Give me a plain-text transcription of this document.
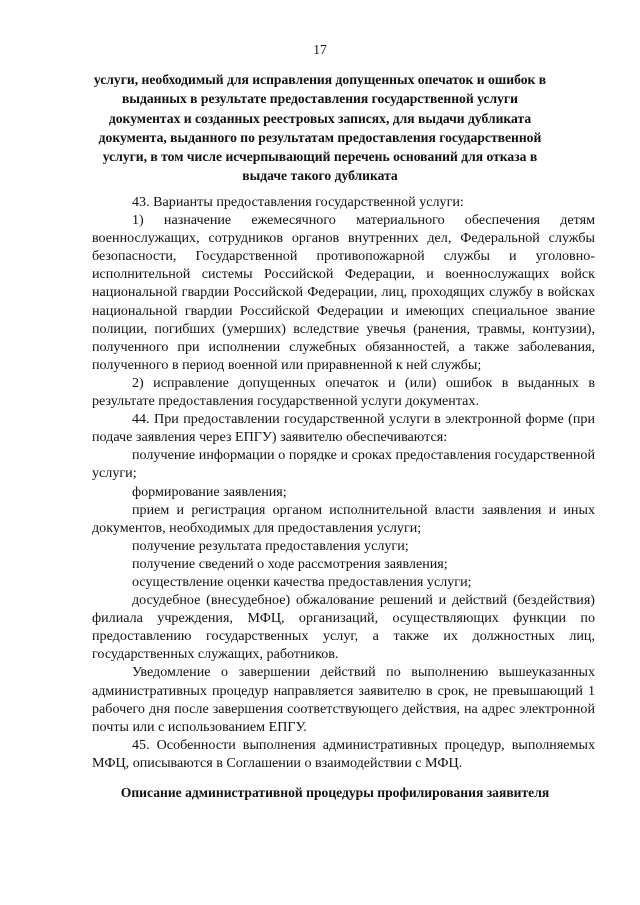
17
услуги, необходимый для исправления допущенных опечаток и ошибок в выданных в результате предоставления государственной услуги документах и созданных реестровых записях, для выдачи дубликата документа, выданного по результатам предоставления государственной услуги, в том числе исчерпывающий перечень оснований для отказа в выдаче такого дубликата

43. Варианты предоставления государственной услуги:

1) назначение ежемесячного материального обеспечения детям военнослужащих, сотрудников органов внутренних дел, Федеральной службы безопасности, Государственной противопожарной службы и уголовно-исполнительной системы Российской Федерации, и военнослужащих войск национальной гвардии Российской Федерации, лиц, проходящих службу в войсках национальной гвардии Российской Федерации и имеющих специальное звание полиции, погибших (умерших) вследствие увечья (ранения, травмы, контузии), полученного при исполнении служебных обязанностей, а также заболевания, полученного в период военной или приравненной к ней службы;

2) исправление допущенных опечаток и (или) ошибок в выданных в результате предоставления государственной услуги документах.

44. При предоставлении государственной услуги в электронной форме (при подаче заявления через ЕПГУ) заявителю обеспечиваются:

получение информации о порядке и сроках предоставления государственной услуги;

формирование заявления;

прием и регистрация органом исполнительной власти заявления и иных документов, необходимых для предоставления услуги;

получение результата предоставления услуги;

получение сведений о ходе рассмотрения заявления;

осуществление оценки качества предоставления услуги;

досудебное (внесудебное) обжалование решений и действий (бездействия) филиала учреждения, МФЦ, организаций, осуществляющих функции по предоставлению государственных услуг, а также их должностных лиц, государственных служащих, работников.

Уведомление о завершении действий по выполнению вышеуказанных административных процедур направляется заявителю в срок, не превышающий 1 рабочего дня после завершения соответствующего действия, на адрес электронной почты или с использованием ЕПГУ.

45. Особенности выполнения административных процедур, выполняемых МФЦ, описываются в Соглашении о взаимодействии с МФЦ.

Описание административной процедуры профилирования заявителя
